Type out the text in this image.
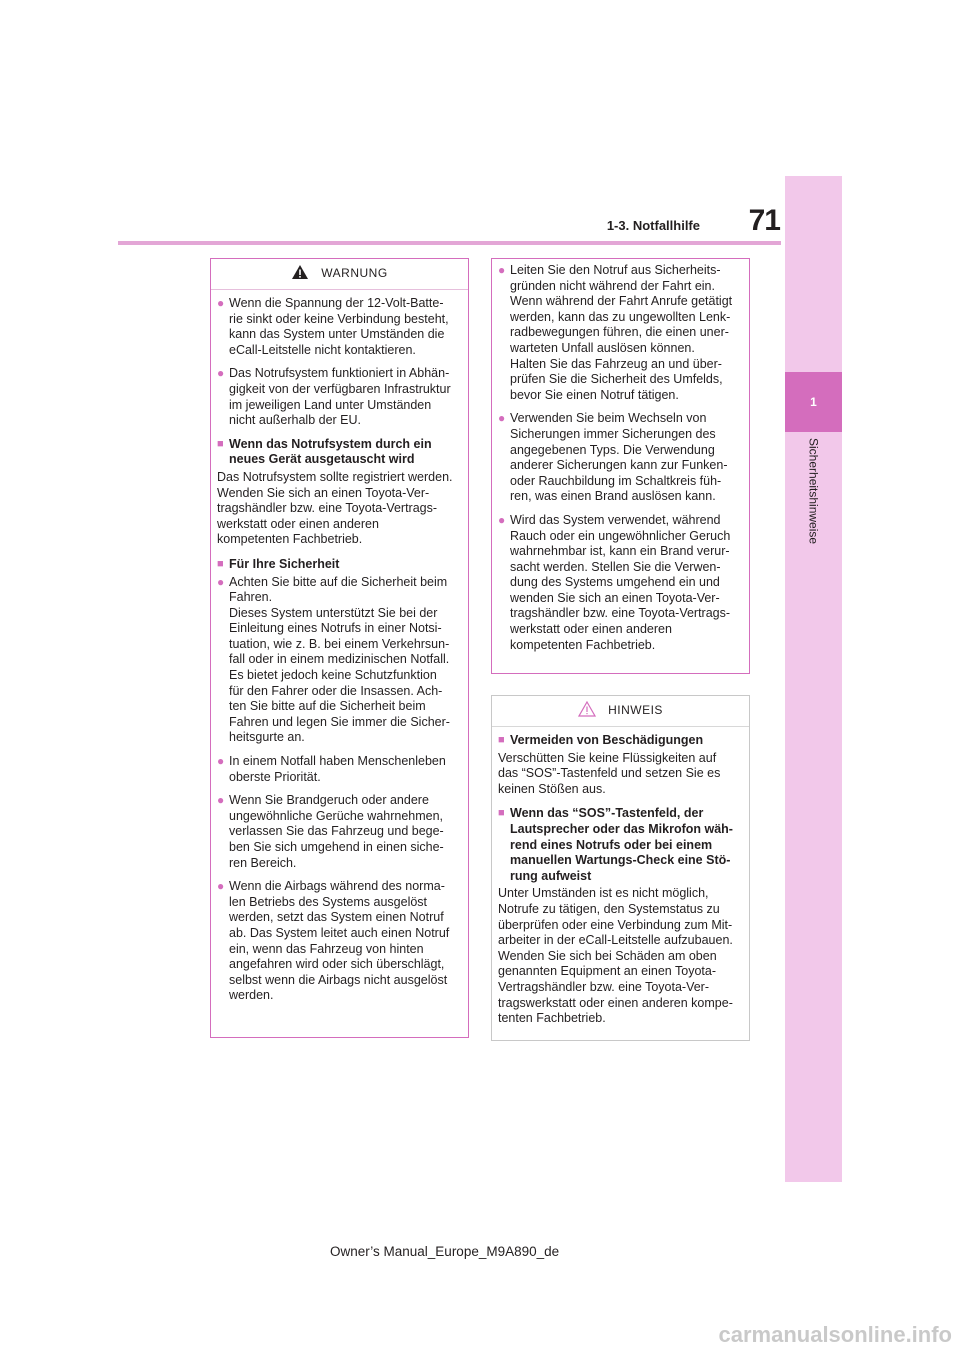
71
1-3. Notfallhilfe
1
Sicherheitshinweise
WARNUNG
● Wenn die Spannung der 12-Volt-Batte-
rie sinkt oder keine Verbindung besteht,
kann das System unter Umständen die
eCall-Leitstelle nicht kontaktieren.
● Das Notrufsystem funktioniert in Abhän-
gigkeit von der verfügbaren Infrastruktur
im jeweiligen Land unter Umständen
nicht außerhalb der EU.
■ Wenn das Notrufsystem durch ein
neues Gerät ausgetauscht wird
Das Notrufsystem sollte registriert werden.
Wenden Sie sich an einen Toyota-Ver-
tragshändler bzw. eine Toyota-Vertrags-
werkstatt oder einen anderen
kompetenten Fachbetrieb.
■ Für Ihre Sicherheit
● Achten Sie bitte auf die Sicherheit beim
Fahren.
Dieses System unterstützt Sie bei der
Einleitung eines Notrufs in einer Notsi-
tuation, wie z. B. bei einem Verkehrsun-
fall oder in einem medizinischen Notfall.
Es bietet jedoch keine Schutzfunktion
für den Fahrer oder die Insassen. Ach-
ten Sie bitte auf die Sicherheit beim
Fahren und legen Sie immer die Sicher-
heitsgurte an.
● In einem Notfall haben Menschenleben
oberste Priorität.
● Wenn Sie Brandgeruch oder andere
ungewöhnliche Gerüche wahrnehmen,
verlassen Sie das Fahrzeug und bege-
ben Sie sich umgehend in einen siche-
ren Bereich.
● Wenn die Airbags während des norma-
len Betriebs des Systems ausgelöst
werden, setzt das System einen Notruf
ab. Das System leitet auch einen Notruf
ein, wenn das Fahrzeug von hinten
angefahren wird oder sich überschlägt,
selbst wenn die Airbags nicht ausgelöst
werden.
● Leiten Sie den Notruf aus Sicherheits-
gründen nicht während der Fahrt ein.
Wenn während der Fahrt Anrufe getätigt
werden, kann das zu ungewollten Lenk-
radbewegungen führen, die einen uner-
warteten Unfall auslösen können.
Halten Sie das Fahrzeug an und über-
prüfen Sie die Sicherheit des Umfelds,
bevor Sie einen Notruf tätigen.
● Verwenden Sie beim Wechseln von
Sicherungen immer Sicherungen des
angegebenen Typs. Die Verwendung
anderer Sicherungen kann zur Funken-
oder Rauchbildung im Schaltkreis füh-
ren, was einen Brand auslösen kann.
● Wird das System verwendet, während
Rauch oder ein ungewöhnlicher Geruch
wahrnehmbar ist, kann ein Brand verur-
sacht werden. Stellen Sie die Verwen-
dung des Systems umgehend ein und
wenden Sie sich an einen Toyota-Ver-
tragshändler bzw. eine Toyota-Vertrags-
werkstatt oder einen anderen
kompetenten Fachbetrieb.
HINWEIS
■ Vermeiden von Beschädigungen
Verschütten Sie keine Flüssigkeiten auf
das “SOS”-Tastenfeld und setzen Sie es
keinen Stößen aus.
■ Wenn das “SOS”-Tastenfeld, der
Lautsprecher oder das Mikrofon wäh-
rend eines Notrufs oder bei einem
manuellen Wartungs-Check eine Stö-
rung aufweist
Unter Umständen ist es nicht möglich,
Notrufe zu tätigen, den Systemstatus zu
überprüfen oder eine Verbindung zum Mit-
arbeiter in der eCall-Leitstelle aufzubauen.
Wenden Sie sich bei Schäden am oben
genannten Equipment an einen Toyota-
Vertragshändler bzw. eine Toyota-Ver-
tragswerkstatt oder einen anderen kompe-
tenten Fachbetrieb.
Owner’s Manual_Europe_M9A890_de
carmanualsonline.info
